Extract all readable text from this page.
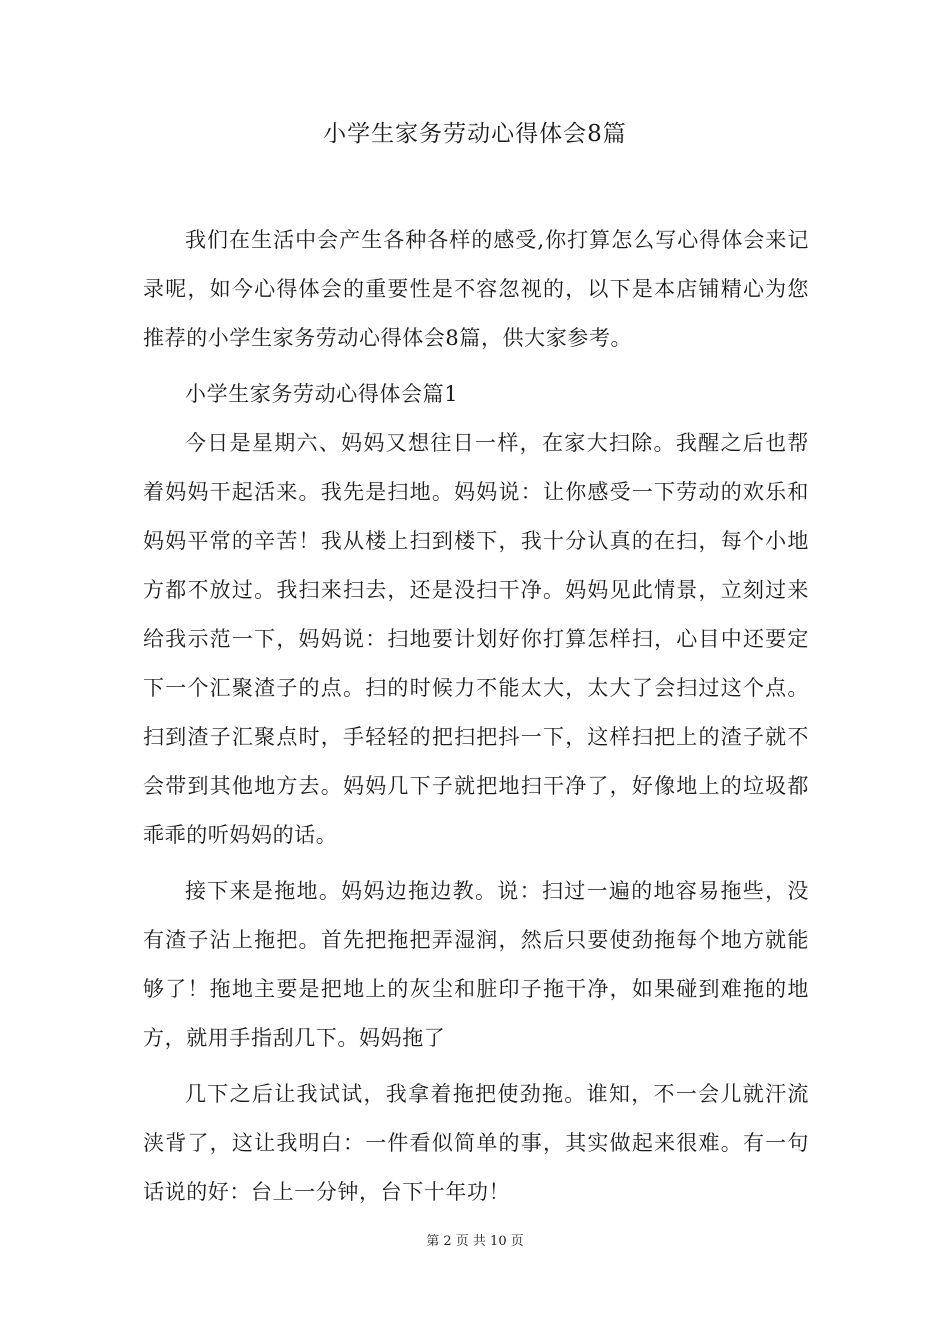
小学生家务劳动心得体会8篇

我们在生活中会产生各种各样的感受,你打算怎么写心得体会来记录呢，如今心得体会的重要性是不容忽视的，以下是本店铺精心为您推荐的小学生家务劳动心得体会8篇，供大家参考。

小学生家务劳动心得体会篇1

今日是星期六、妈妈又想往日一样，在家大扫除。我醒之后也帮着妈妈干起活来。我先是扫地。妈妈说：让你感受一下劳动的欢乐和妈妈平常的辛苦！我从楼上扫到楼下，我十分认真的在扫，每个小地方都不放过。我扫来扫去，还是没扫干净。妈妈见此情景，立刻过来给我示范一下，妈妈说：扫地要计划好你打算怎样扫，心目中还要定下一个汇聚渣子的点。扫的时候力不能太大，太大了会扫过这个点。扫到渣子汇聚点时，手轻轻的把扫把抖一下，这样扫把上的渣子就不会带到其他地方去。妈妈几下子就把地扫干净了，好像地上的垃圾都乖乖的听妈妈的话。

接下来是拖地。妈妈边拖边教。说：扫过一遍的地容易拖些，没有渣子沾上拖把。首先把拖把弄湿润，然后只要使劲拖每个地方就能够了！拖地主要是把地上的灰尘和脏印子拖干净，如果碰到难拖的地方，就用手指刮几下。妈妈拖了

几下之后让我试试，我拿着拖把使劲拖。谁知，不一会儿就汗流浃背了，这让我明白：一件看似简单的事，其实做起来很难。有一句话说的好：台上一分钟，台下十年功！

第 2 页 共 10 页
